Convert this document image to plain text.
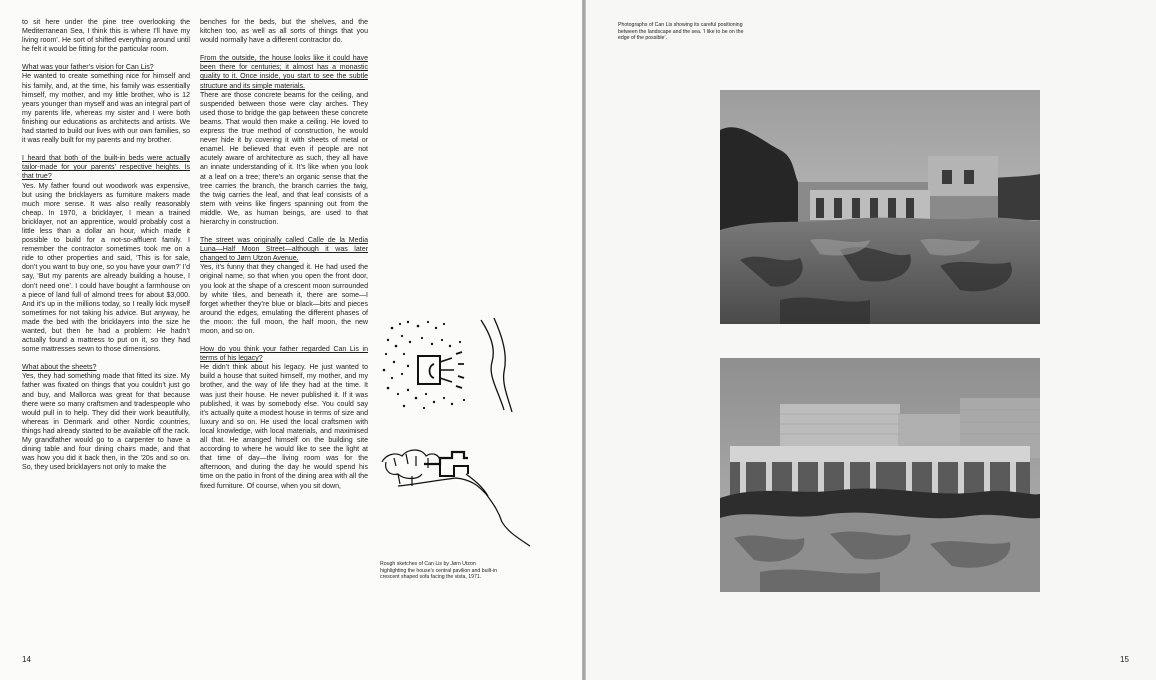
to sit here under the pine tree overlooking the Mediterranean Sea, I think this is where I’ll have my living room’. He sort of shifted everything around until he felt it would be fitting for the particular room.

What was your father’s vision for Can Lis?
He wanted to create something nice for himself and his family, and, at the time, his family was essentially himself, my mother, and my little brother, who is 12 years younger than myself and was an integral part of my parents life, whereas my sister and I were both finishing our educations as architects and artists. We had started to build our lives with our own families, so it was really built for my parents and my brother.

I heard that both of the built-in beds were actually tailor-made for your parents’ respective heights. Is that true?
Yes. My father found out woodwork was expensive, but using the bricklayers as furniture makers made much more sense. It was also really reasonably cheap. In 1970, a bricklayer, I mean a trained bricklayer, not an apprentice, would probably cost a little less than a dollar an hour, which made it possible to build for a not-so-affluent family. I remember the contractor sometimes took me on a ride to other properties and said, ‘This is for sale, don’t you want to buy one, so you have your own?’ I’d say, ‘But my parents are already building a house, I don’t need one’. I could have bought a farmhouse on a piece of land full of almond trees for about $3,000. And it’s up in the millions today, so I really kick myself sometimes for not taking his advice. But anyway, he made the bed with the bricklayers into the size he wanted, but then he had a problem: He hadn’t actually found a mattress to put on it, so they had some mattresses sewn to those dimensions.

What about the sheets?
Yes, they had something made that fitted its size. My father was fixated on things that you couldn’t just go and buy, and Mallorca was great for that because there were so many craftsmen and tradespeople who would pull in to help. They did their work beautifully, whereas in Denmark and other Nordic countries, things had already started to be available off the rack. My grandfather would go to a carpenter to have a dining table and four dining chairs made, and that was how you did it back then, in the ’20s and so on. So, they used bricklayers not only to make the

benches for the beds, but the shelves, and the kitchen too, as well as all sorts of things that you would normally have a different contractor do.

From the outside, the house looks like it could have been there for centuries; it almost has a monastic quality to it. Once inside, you start to see the subtle structure and its simple materials.
There are those concrete beams for the ceiling, and suspended between those were clay arches. They used those to bridge the gap between these concrete beams. That would then make a ceiling. He loved to express the true method of construction, he would never hide it by covering it with sheets of metal or enamel. He believed that even if people are not acutely aware of architecture as such, they all have an innate understanding of it. It’s like when you look at a leaf on a tree; there’s an organic sense that the tree carries the branch, the branch carries the twig, the twig carries the leaf, and that leaf consists of a stem with veins like fingers spanning out from the middle. We, as human beings, are used to that hierarchy in construction.

The street was originally called Calle de la Media Luna—Half Moon Street—although it was later changed to Jørn Utzon Avenue.
Yes, it’s funny that they changed it. He had used the original name, so that when you open the front door, you look at the shape of a crescent moon surrounded by white tiles, and beneath it, there are some—I forget whether they’re blue or black—bits and pieces around the edges, emulating the different phases of the moon: the full moon, the half moon, the new moon, and so on.

How do you think your father regarded Can Lis in terms of his legacy?
He didn’t think about his legacy. He just wanted to build a house that suited himself, my mother, and my brother, and the way of life they had at the time. It was just their house. He never published it. If it was published, it was by somebody else. You could say it’s actually quite a modest house in terms of size and luxury and so on. He used the local craftsmen with local knowledge, with local materials, and maximised all that. He arranged himself on the building site according to where he would like to see the light at that time of day—the living room was for the afternoon, and during the day he would spend his time on the patio in front of the dining area with all the fixed furniture. Of course, when you sit down,

Rough sketches of Can Lis by Jørn Utzon highlighting the house’s central pavilion and built-in crescent shaped sofa facing the vista, 1971.
14
Photographs of Can Lis showing its careful positioning between the landscape and the sea. ‘I like to be on the edge of the possible’.
15
